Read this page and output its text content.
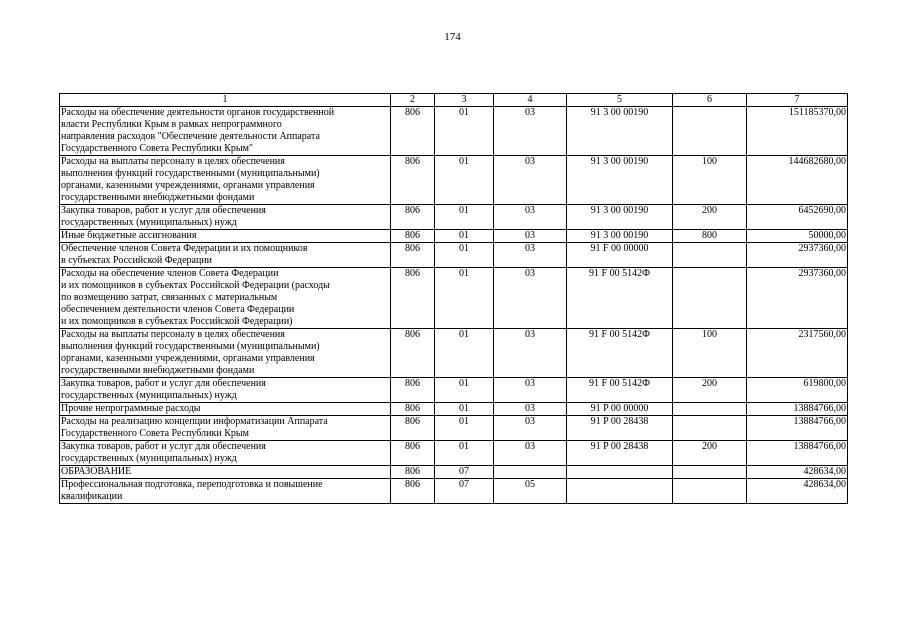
174
1	2	3	4	5	6	7

Расходы на обеспечение деятельности органов государственной
власти Республики Крым в рамках непрограммного
направления расходов "Обеспечение деятельности Аппарата
Государственного Совета Республики Крым"	806	01	03	91 3 00 00190		151185370,00

Расходы на выплаты персоналу в целях обеспечения
выполнения функций государственными (муниципальными)
органами, казенными учреждениями, органами управления
государственными внебюджетными фондами	806	01	03	91 3 00 00190	100	144682680,00

Закупка товаров, работ и услуг для обеспечения
государственных (муниципальных) нужд	806	01	03	91 3 00 00190	200	6452690,00

Иные бюджетные ассигнования	806	01	03	91 3 00 00190	800	50000,00

Обеспечение членов Совета Федерации и их помощников
в субъектах Российской Федерации	806	01	03	91 F 00 00000		2937360,00

Расходы на обеспечение членов Совета Федерации
и их помощников в субъектах Российской Федерации (расходы
по возмещению затрат, связанных с материальным
обеспечением деятельности членов Совета Федерации
и их помощников в субъектах Российской Федерации)	806	01	03	91 F 00 5142Ф		2937360,00

Расходы на выплаты персоналу в целях обеспечения
выполнения функций государственными (муниципальными)
органами, казенными учреждениями, органами управления
государственными внебюджетными фондами	806	01	03	91 F 00 5142Ф	100	2317560,00

Закупка товаров, работ и услуг для обеспечения
государственных (муниципальных) нужд	806	01	03	91 F 00 5142Ф	200	619800,00

Прочие непрограммные расходы	806	01	03	91 P 00 00000		13884766,00

Расходы на реализацию концепции информатизации Аппарата
Государственного Совета Республики Крым	806	01	03	91 P 00 28438		13884766,00

Закупка товаров, работ и услуг для обеспечения
государственных (муниципальных) нужд	806	01	03	91 P 00 28438	200	13884766,00

ОБРАЗОВАНИЕ	806	07				428634,00

Профессиональная подготовка, переподготовка и повышение
квалификации	806	07	05			428634,00
